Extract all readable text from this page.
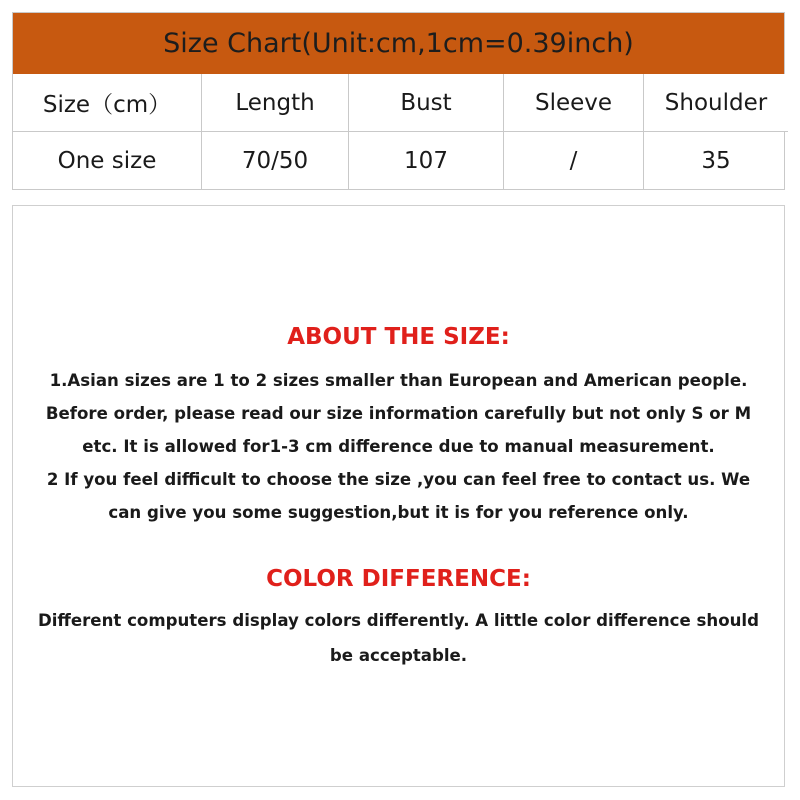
Size Chart(Unit:cm,1cm=0.39inch)
Size（cm）	Length	Bust	Sleeve	Shoulder
One size	70/50	107	/	35
ABOUT THE SIZE:
1.Asian sizes are 1 to 2 sizes smaller than European and American people.
Before order, please read our size information carefully but not only S or M
etc. It is allowed for1-3 cm difference due to manual measurement.
2 If you feel difficult to choose the size ,you can feel free to contact us. We
can give you some suggestion,but it is for you reference only.
COLOR DIFFERENCE:
Different computers display colors differently. A little color difference should
be acceptable.
